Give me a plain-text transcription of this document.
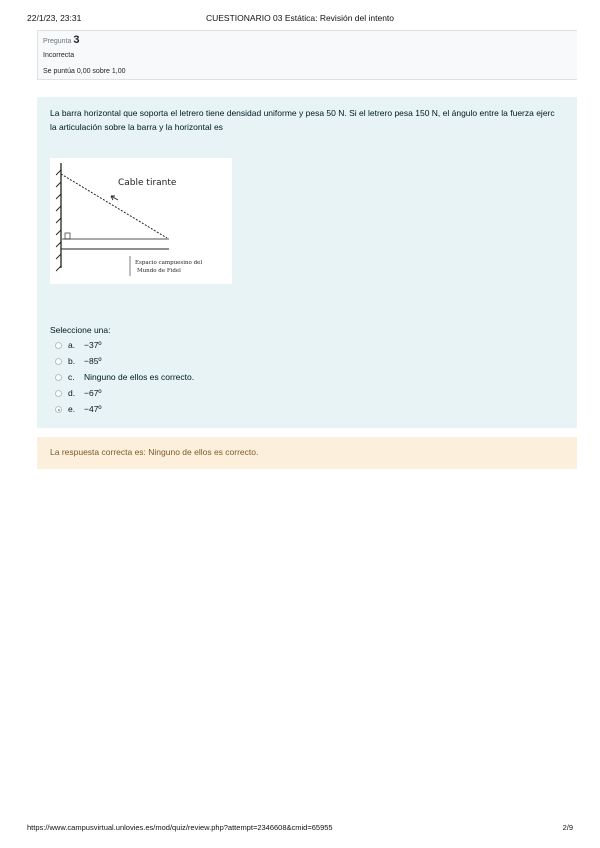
22/1/23, 23:31	CUESTIONARIO 03 Estática: Revisión del intento
Pregunta 3
Incorrecta
Se puntúa 0,00 sobre 1,00
La barra horizontal que soporta el letrero tiene densidad uniforme y pesa 50 N. Si el letrero pesa 150 N, el ángulo entre la fuerza ejerc
la articulación sobre la barra y la horizontal es
Cable tirante
Espacio campuesino del
Mundo de Fidel
Seleccione una:
a. −37º
b. −85º
c. Ninguno de ellos es correcto.
d. −67º
e. −47º
La respuesta correcta es: Ninguno de ellos es correcto.
https://www.campusvirtual.unlovies.es/mod/quiz/review.php?attempt=2346608&cmid=65955	2/9
